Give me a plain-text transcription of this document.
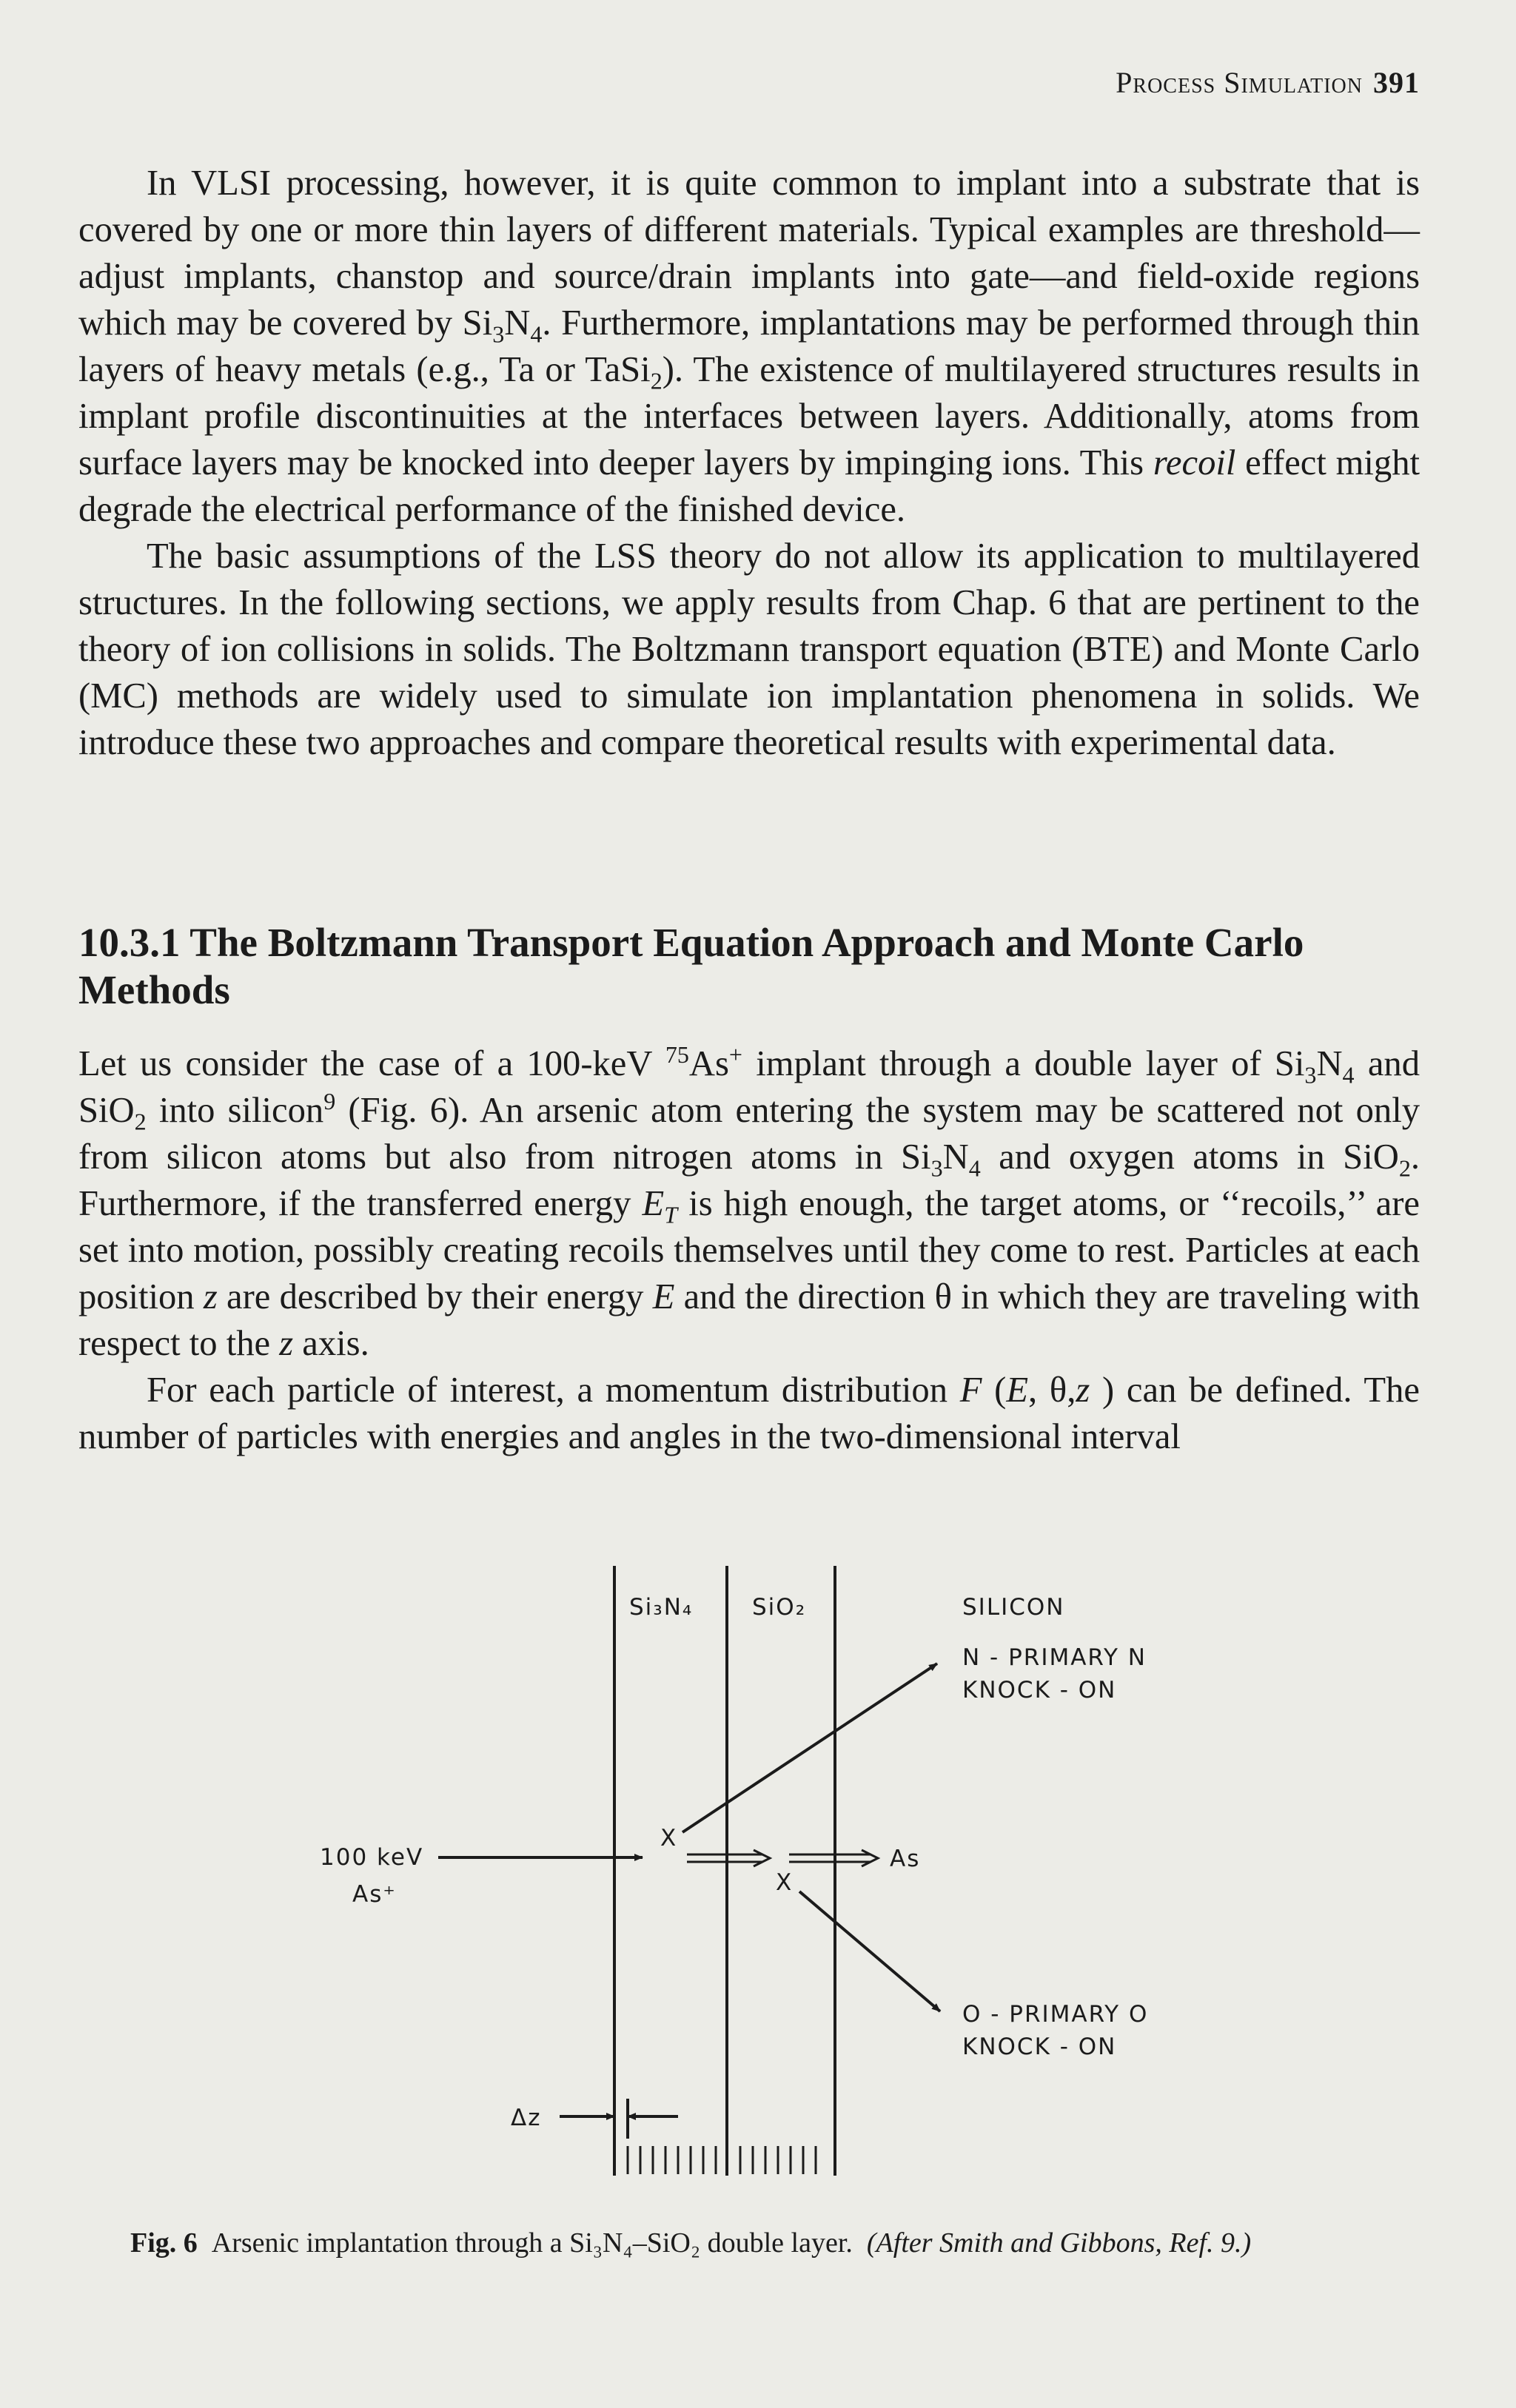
Process Simulation 391

In VLSI processing, however, it is quite common to implant into a substrate that is covered by one or more thin layers of different materials. Typical examples are threshold—adjust implants, chanstop and source/drain implants into gate—and field-oxide regions which may be covered by $Si_3N_4$. Furthermore, implantations may be performed through thin layers of heavy metals (e.g., Ta or TaSi$_2$). The existence of multilayered structures results in implant profile discontinuities at the interfaces between layers. Additionally, atoms from surface layers may be knocked into deeper layers by impinging ions. This recoil effect might degrade the electrical performance of the finished device.

The basic assumptions of the LSS theory do not allow its application to multilayered structures. In the following sections, we apply results from Chap. 6 that are pertinent to the theory of ion collisions in solids. The Boltzmann transport equation (BTE) and Monte Carlo (MC) methods are widely used to simulate ion implantation phenomena in solids. We introduce these two approaches and compare theoretical results with experimental data.

10.3.1 The Boltzmann Transport Equation Approach and Monte Carlo Methods

Let us consider the case of a 100-keV $^{75}$As+ implant through a double layer of $Si_3N_4$ and SiO$_2$ into silicon$^9$ (Fig. 6). An arsenic atom entering the system may be scattered not only from silicon atoms but also from nitrogen atoms in $Si_3N_4$ and oxygen atoms in SiO$_2$. Furthermore, if the transferred energy $E_T$ is high enough, the target atoms, or ‘‘recoils,’’ are set into motion, possibly creating recoils themselves until they come to rest. Particles at each position z are described by their energy E and the direction θ in which they are traveling with respect to the z axis.

For each particle of interest, a momentum distribution F (E, θ,z ) can be defined. The number of particles with energies and angles in the two-dimensional interval

Si₃N₄	SiO₂	SILICON
N - PRIMARY N
KNOCK - ON
100 keV
As⁺
As
O - PRIMARY O
KNOCK - ON
Δz
X
X
Fig. 6 Arsenic implantation through a Si₃N₄–SiO₂ double layer. (After Smith and Gibbons, Ref. 9.)
